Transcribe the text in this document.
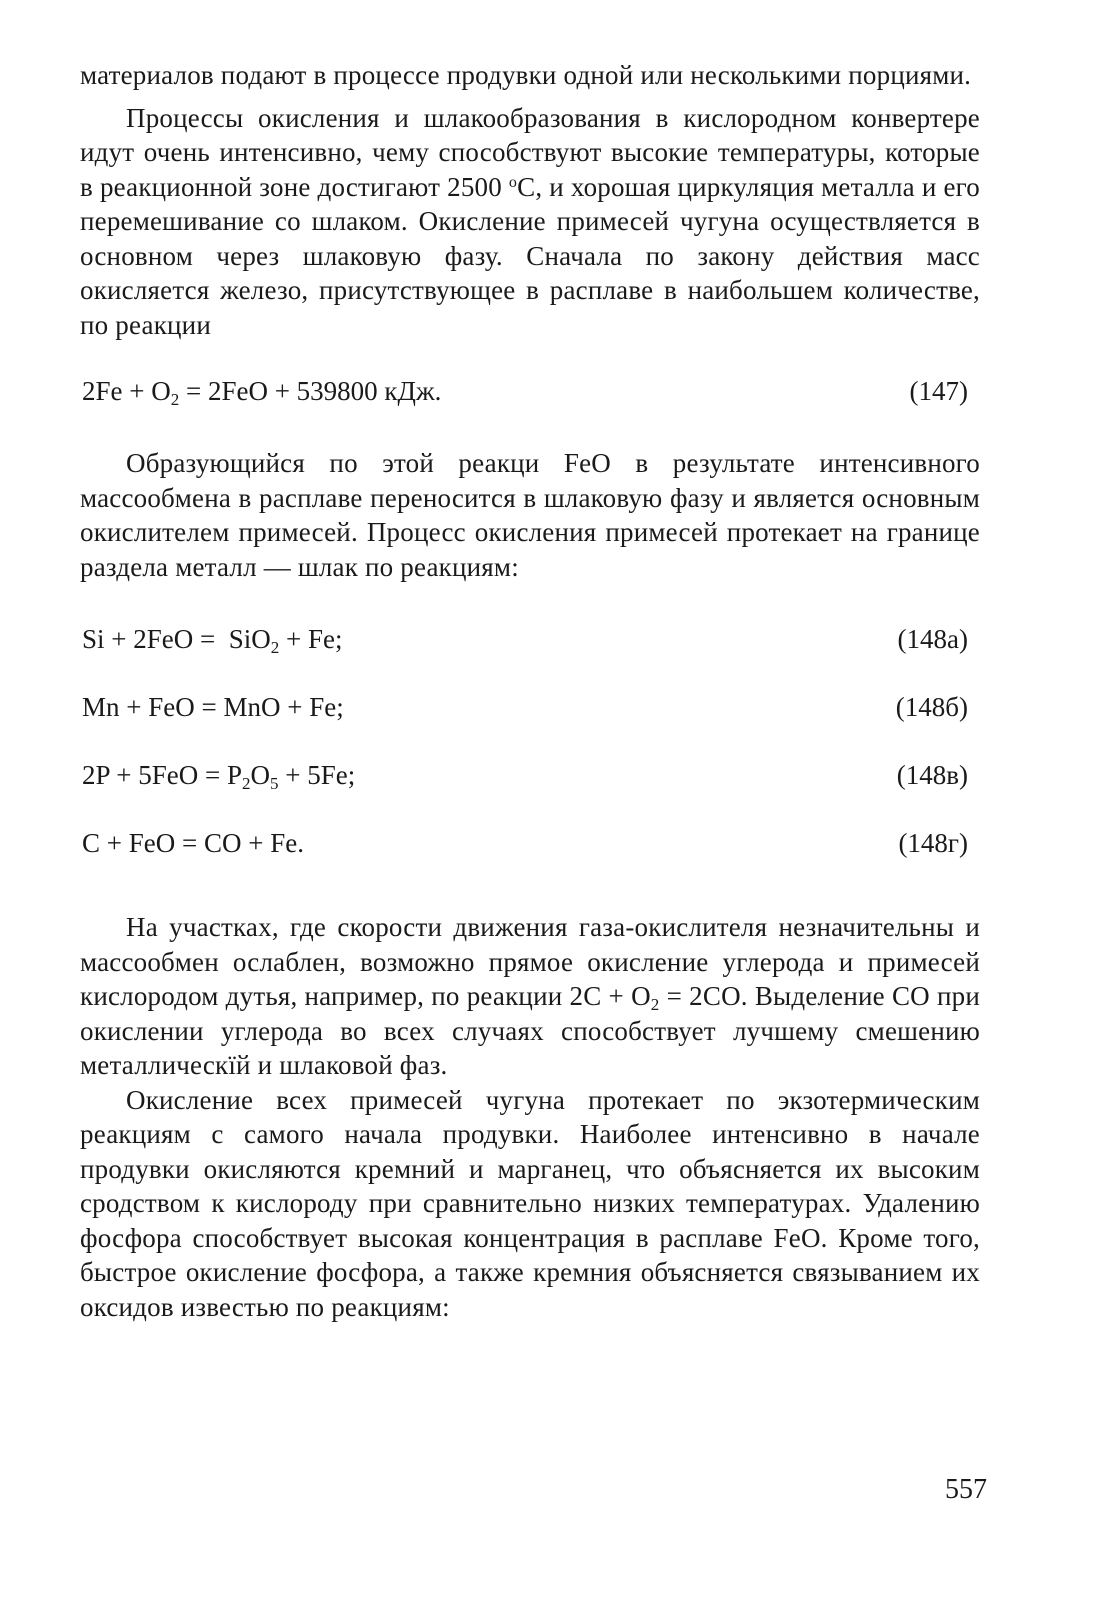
материалов подают в процессе продувки одной или несколькими порциями.

Процессы окисления и шлакообразования в кислородном конвертере идут очень интенсивно, чему способствуют высокие температуры, которые в реакционной зоне достигают 2500 $^о$С, и хорошая циркуляция металла и его перемешивание со шлаком. Окисление примесей чугуна осуществляется в основном через шлаковую фазу. Сначала по закону действия масс окисляется железо, присутствующее в расплаве в наибольшем количестве, по реакции

$2Fe + O_2 = 2FeO + 539800$ кДж.	(147)

Образующийся по этой реакци FeO в результате интенсивного массообмена в расплаве переносится в шлаковую фазу и является основным окислителем примесей. Процесс окисления примесей протекает на границе раздела металл — шлак по реакциям:

Si + 2FeO =  SiO$_2$ + Fe;	(148а)
Mn + FeO = MnO + Fe;	(148б)
$2P + 5FeO = P_2O_5 + 5Fe$;	(148в)
C + FeO = CO + Fe.	(148г)

На участках, где скорости движения газа-окислителя незначительны и массообмен ослаблен, возможно прямое окисление углерода и примесей кислородом дутья, например, по реакции $2C + O_2 = 2CO$. Выделение CO при окислении углерода во всех случаях способствует лучшему смешению металлическїй и шлаковой фаз.

Окисление всех примесей чугуна протекает по экзотермическим реакциям с самого начала продувки. Наиболее интенсивно в начале продувки окисляются кремний и марганец, что объясняется их высоким сродством к кислороду при сравнительно низких температурах. Удалению фосфора способствует высокая концентрация в расплаве FeO. Кроме того, быстрое окисление фосфора, а также кремния объясняется связыванием их оксидов известью по реакциям:

557
